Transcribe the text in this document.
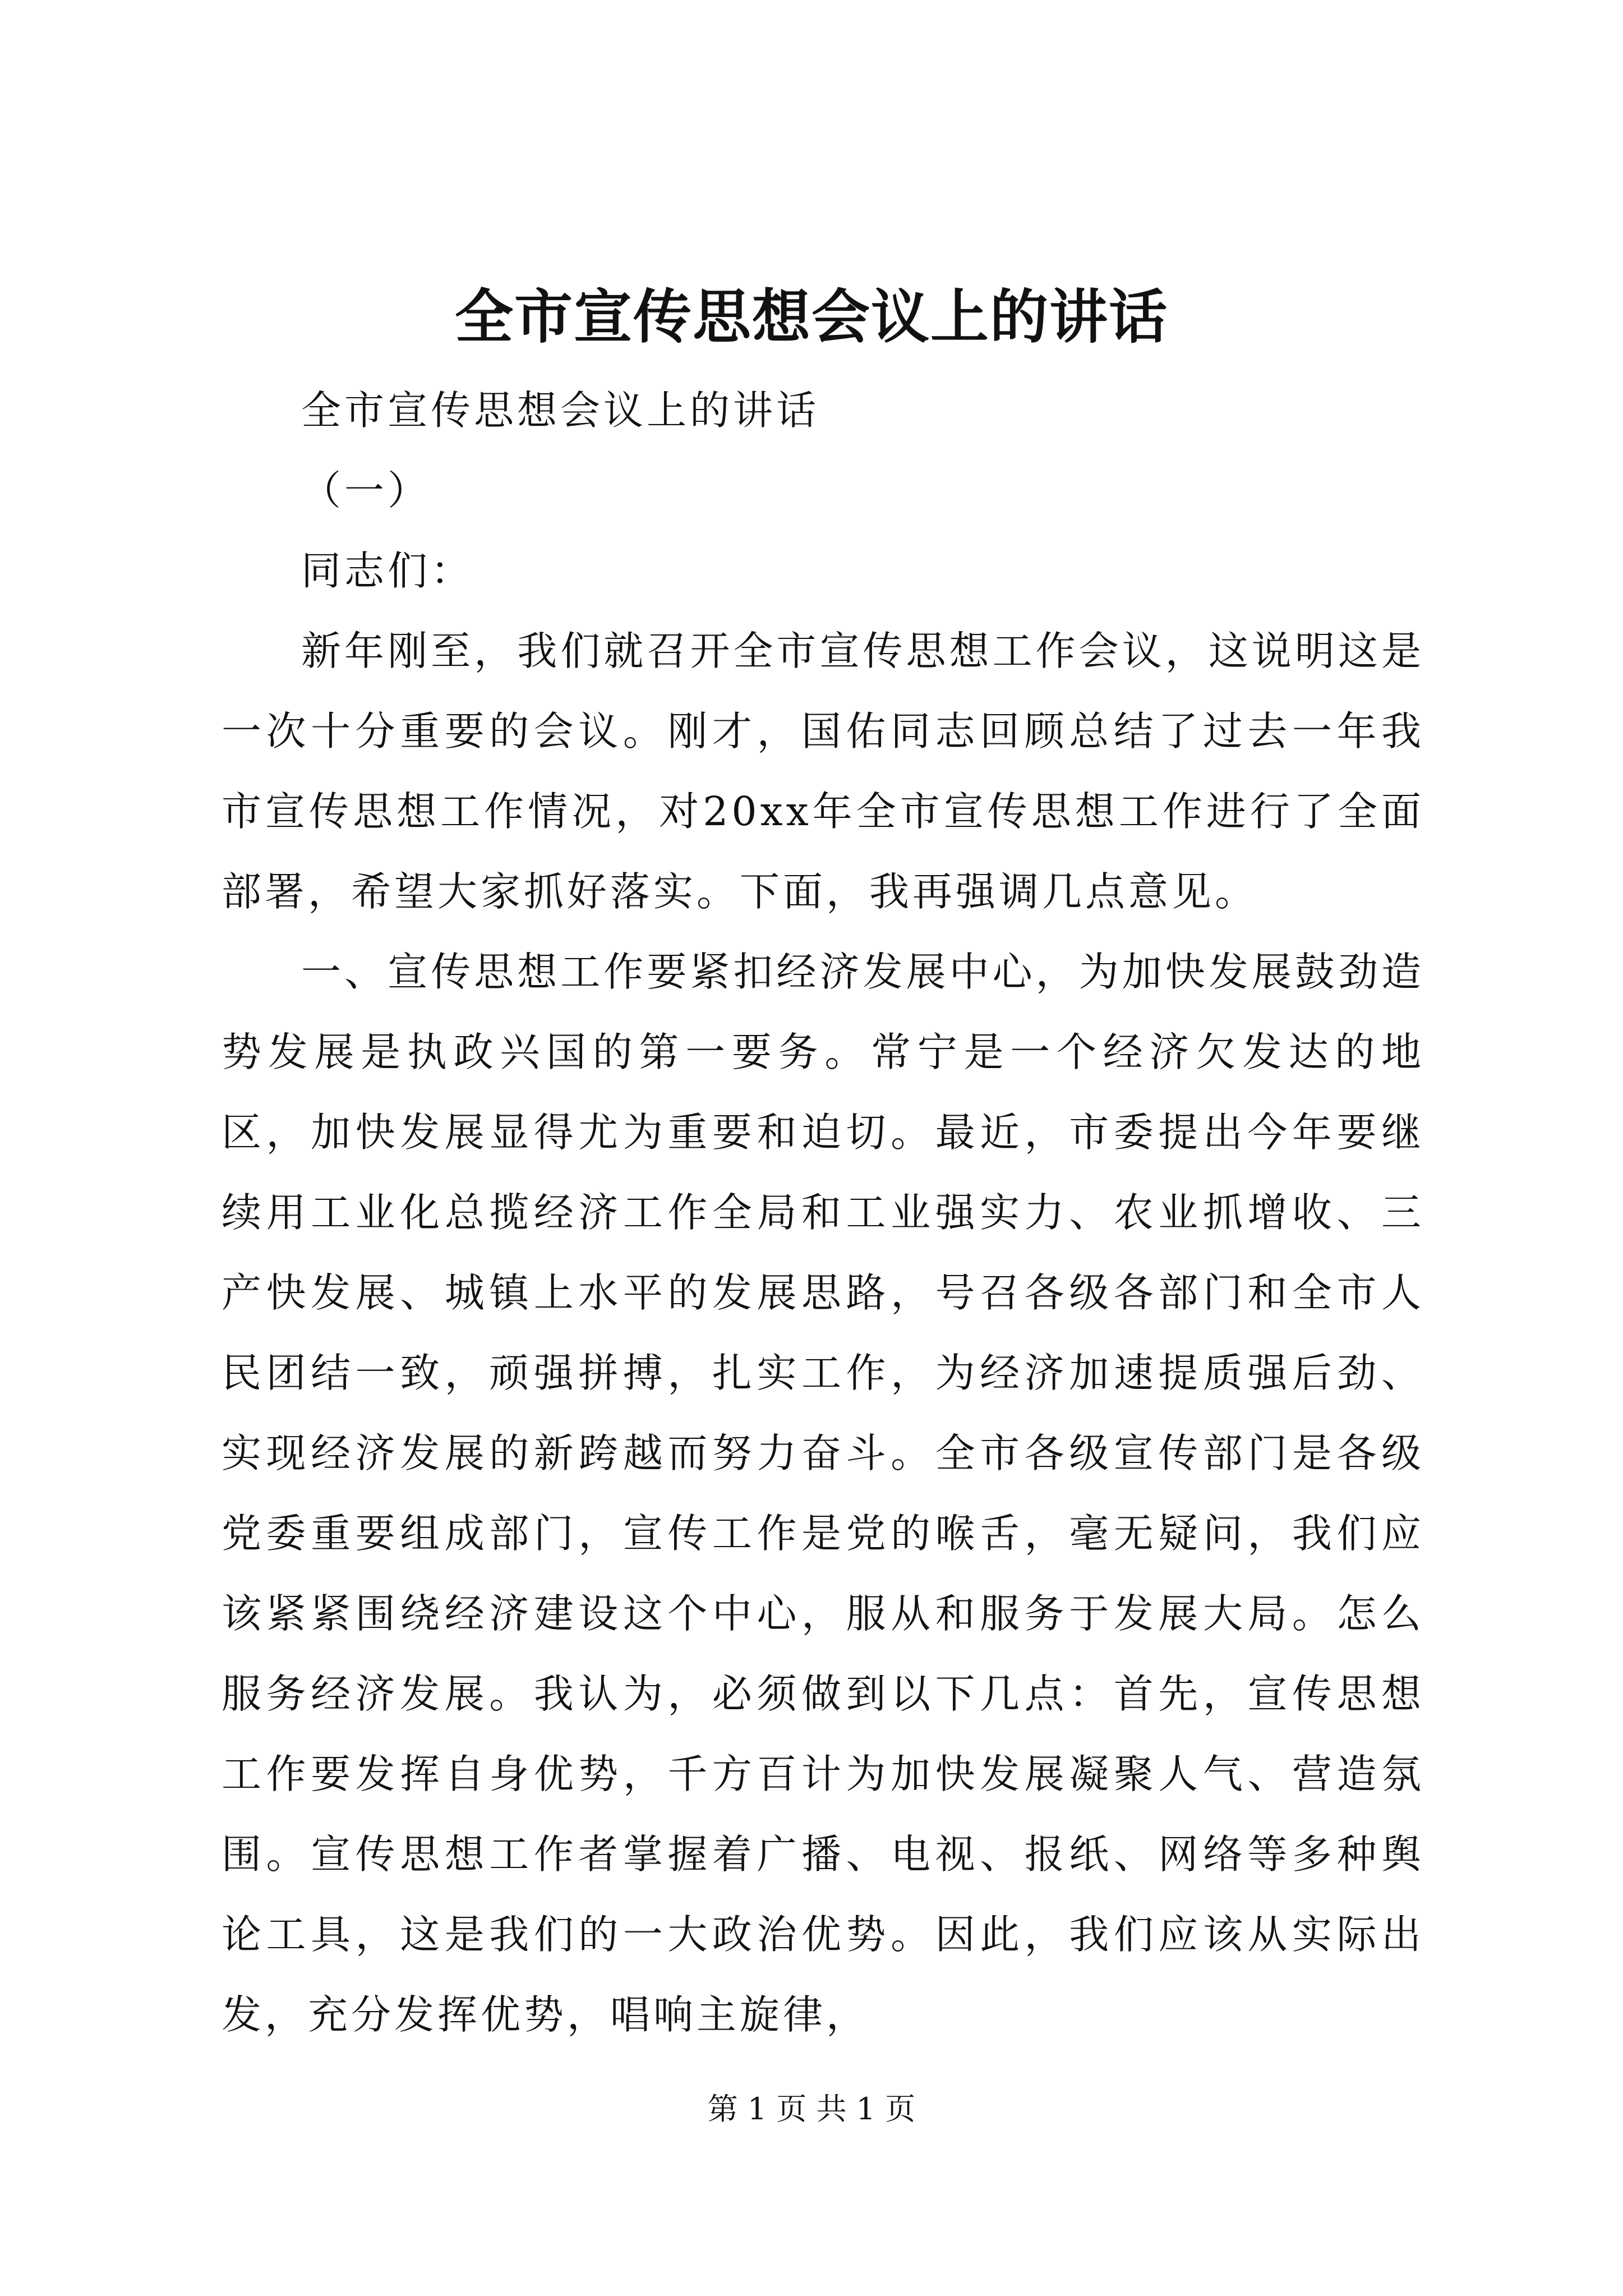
全市宣传思想会议上的讲话

全市宣传思想会议上的讲话

（一）

同志们：

新年刚至，我们就召开全市宣传思想工作会议，这说明这是一次十分重要的会议。刚才，国佑同志回顾总结了过去一年我市宣传思想工作情况，对20xx年全市宣传思想工作进行了全面部署，希望大家抓好落实。下面，我再强调几点意见。

一、宣传思想工作要紧扣经济发展中心，为加快发展鼓劲造势发展是执政兴国的第一要务。常宁是一个经济欠发达的地区，加快发展显得尤为重要和迫切。最近，市委提出今年要继续用工业化总揽经济工作全局和工业强实力、农业抓增收、三产快发展、城镇上水平的发展思路，号召各级各部门和全市人民团结一致，顽强拼搏，扎实工作，为经济加速提质强后劲、实现经济发展的新跨越而努力奋斗。全市各级宣传部门是各级党委重要组成部门，宣传工作是党的喉舌，毫无疑问，我们应该紧紧围绕经济建设这个中心，服从和服务于发展大局。怎么服务经济发展。我认为，必须做到以下几点：首先，宣传思想工作要发挥自身优势，千方百计为加快发展凝聚人气、营造氛围。宣传思想工作者掌握着广播、电视、报纸、网络等多种舆论工具，这是我们的一大政治优势。因此，我们应该从实际出发，充分发挥优势，唱响主旋律，

第 1 页 共 1 页
